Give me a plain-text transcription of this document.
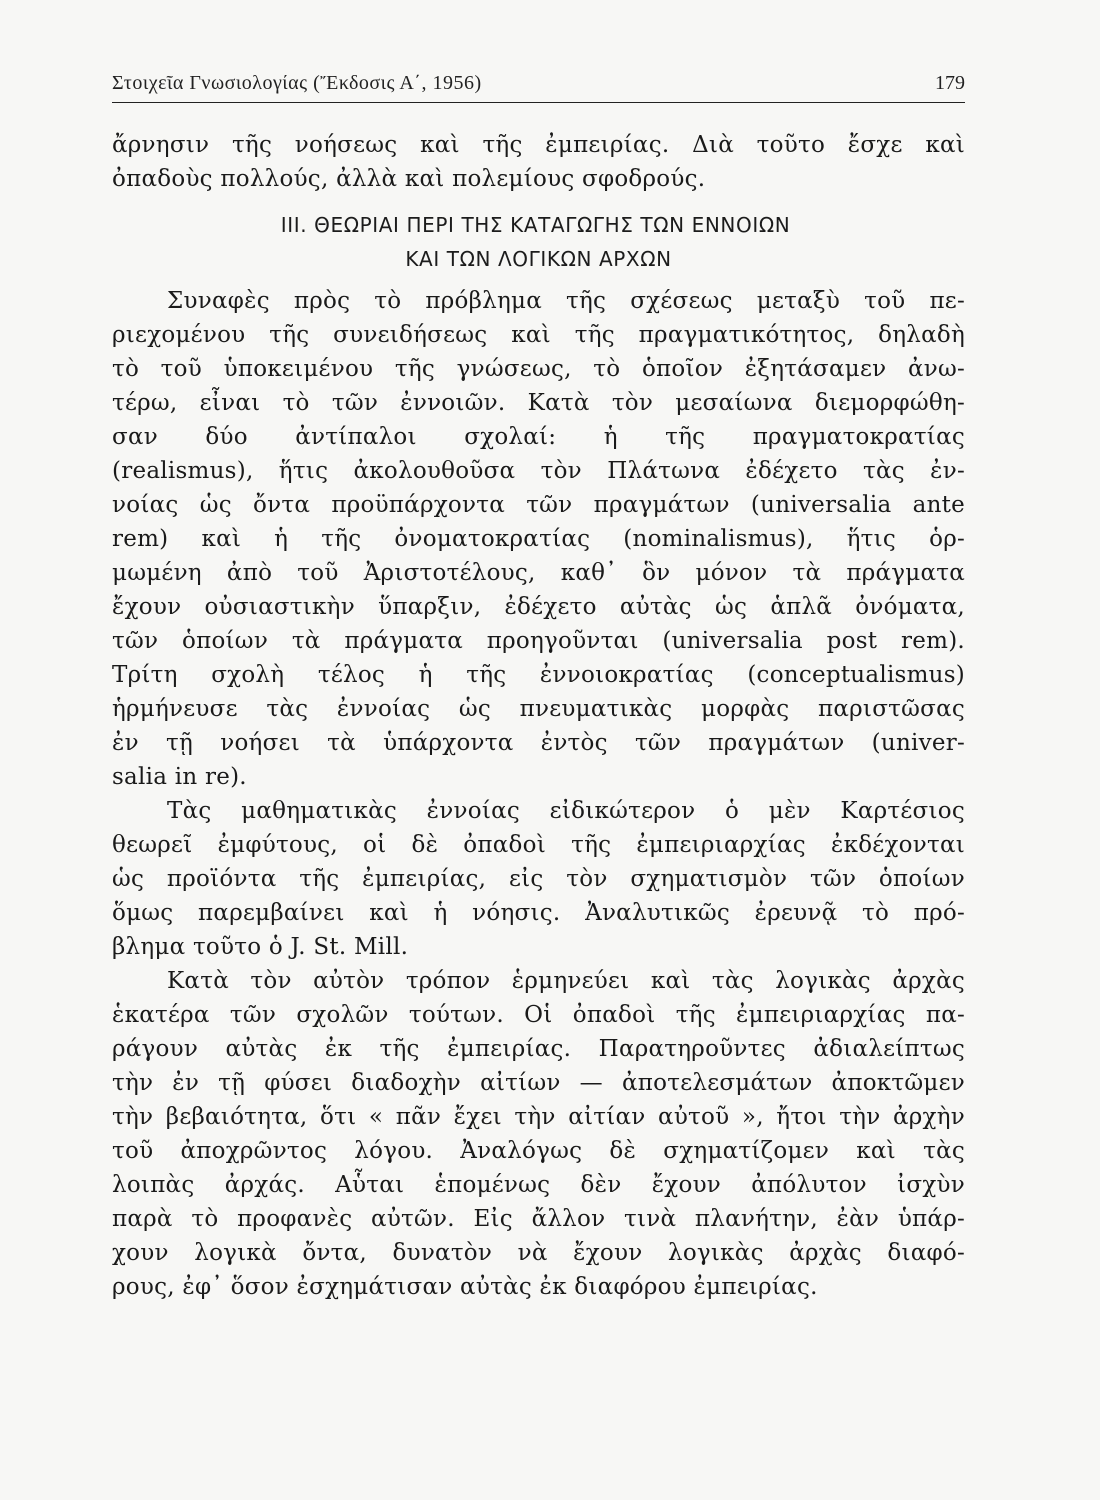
Στοιχεῖα Γνωσιολογίας (Ἔκδοσις Α΄, 1956)	179
ἄρνησιν τῆς νοήσεως καὶ τῆς ἐμπειρίας. Διὰ τοῦτο ἔσχε καὶ
ὀπαδοὺς πολλούς, ἀλλὰ καὶ πολεμίους σφοδρούς.
ΙΙΙ. ΘΕΩΡΙΑΙ ΠΕΡΙ ΤΗΣ ΚΑΤΑΓΩΓΗΣ ΤΩΝ ΕΝΝΟΙΩΝ
ΚΑΙ ΤΩΝ ΛΟΓΙΚΩΝ ΑΡΧΩΝ
Συναφὲς πρὸς τὸ πρόβλημα τῆς σχέσεως μεταξὺ τοῦ πε-
ριεχομένου τῆς συνειδήσεως καὶ τῆς πραγματικότητος, δηλαδὴ
τὸ τοῦ ὑποκειμένου τῆς γνώσεως, τὸ ὁποῖον ἐξητάσαμεν ἀνω-
τέρω, εἶναι τὸ τῶν ἐννοιῶν. Κατὰ τὸν μεσαίωνα διεμορφώθη-
σαν δύο ἀντίπαλοι σχολαί: ἡ τῆς πραγματοκρατίας
(realismus), ἥτις ἀκολουθοῦσα τὸν Πλάτωνα ἐδέχετο τὰς ἐν-
νοίας ὡς ὄντα προϋπάρχοντα τῶν πραγμάτων (universalia ante
rem) καὶ ἡ τῆς ὀνοματοκρατίας (nominalismus), ἥτις ὁρ-
μωμένη ἀπὸ τοῦ Ἀριστοτέλους, καθ᾽ ὃν μόνον τὰ πράγματα
ἔχουν οὐσιαστικὴν ὕπαρξιν, ἐδέχετο αὐτὰς ὡς ἁπλᾶ ὀνόματα,
τῶν ὁποίων τὰ πράγματα προηγοῦνται (universalia post rem).
Τρίτη σχολὴ τέλος ἡ τῆς ἐννοιοκρατίας (conceptualismus)
ἡρμήνευσε τὰς ἐννοίας ὡς πνευματικὰς μορφὰς παριστῶσας
ἐν τῇ νοήσει τὰ ὑπάρχοντα ἐντὸς τῶν πραγμάτων (univer-
salia in re).
Τὰς μαθηματικὰς ἐννοίας εἰδικώτερον ὁ μὲν Καρτέσιος
θεωρεῖ ἐμφύτους, οἱ δὲ ὀπαδοὶ τῆς ἐμπειριαρχίας ἐκδέχονται
ὡς προϊόντα τῆς ἐμπειρίας, εἰς τὸν σχηματισμὸν τῶν ὁποίων
ὅμως παρεμβαίνει καὶ ἡ νόησις. Ἀναλυτικῶς ἐρευνᾷ τὸ πρό-
βλημα τοῦτο ὁ J. St. Mill.
Κατὰ τὸν αὐτὸν τρόπον ἑρμηνεύει καὶ τὰς λογικὰς ἀρχὰς
ἑκατέρα τῶν σχολῶν τούτων. Οἱ ὀπαδοὶ τῆς ἐμπειριαρχίας πα-
ράγουν αὐτὰς ἐκ τῆς ἐμπειρίας. Παρατηροῦντες ἀδιαλείπτως
τὴν ἐν τῇ φύσει διαδοχὴν αἰτίων — ἀποτελεσμάτων ἀποκτῶμεν
τὴν βεβαιότητα, ὅτι « πᾶν ἔχει τὴν αἰτίαν αὐτοῦ », ἤτοι τὴν ἀρχὴν
τοῦ ἀποχρῶντος λόγου. Ἀναλόγως δὲ σχηματίζομεν καὶ τὰς
λοιπὰς ἀρχάς. Αὗται ἑπομένως δὲν ἔχουν ἀπόλυτον ἰσχὺν
παρὰ τὸ προφανὲς αὐτῶν. Εἰς ἄλλον τινὰ πλανήτην, ἐὰν ὑπάρ-
χουν λογικὰ ὄντα, δυνατὸν νὰ ἔχουν λογικὰς ἀρχὰς διαφό-
ρους, ἐφ᾽ ὅσον ἐσχημάτισαν αὐτὰς ἐκ διαφόρου ἐμπειρίας.
